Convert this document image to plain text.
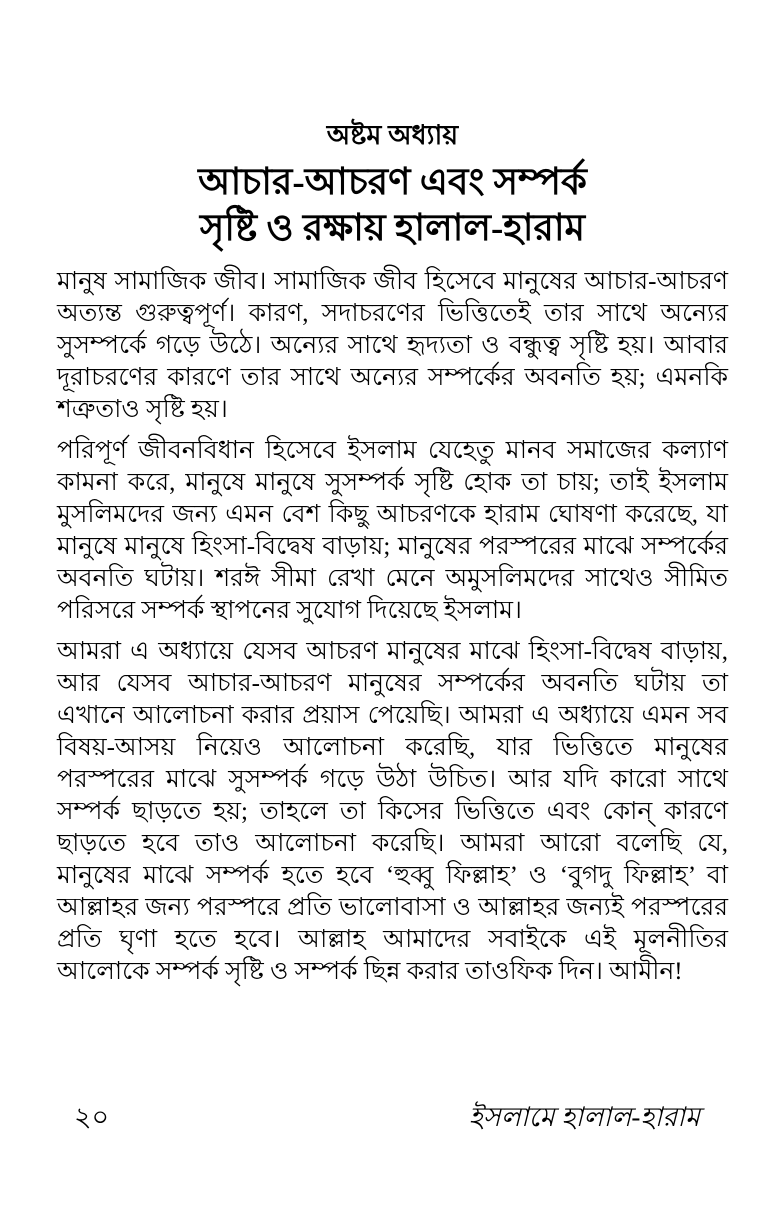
অষ্টম অধ্যায়
আচার-আচরণ এবং সম্পর্ক
সৃষ্টি ও রক্ষায় হালাল-হারাম

মানুষ সামাজিক জীব। সামাজিক জীব হিসেবে মানুষের আচার-আচরণ অত্যন্ত গুরুত্বপূর্ণ। কারণ, সদাচরণের ভিত্তিতেই তার সাথে অন্যের সুসম্পর্কে গড়ে উঠে। অন্যের সাথে হৃদ্যতা ও বন্ধুত্ব সৃষ্টি হয়। আবার দূরাচরণের কারণে তার সাথে অন্যের সম্পর্কের অবনতি হয়; এমনকি শত্রুতাও সৃষ্টি হয়।

পরিপূর্ণ জীবনবিধান হিসেবে ইসলাম যেহেতু মানব সমাজের কল্যাণ কামনা করে, মানুষে মানুষে সুসম্পর্ক সৃষ্টি হোক তা চায়; তাই ইসলাম মুসলিমদের জন্য এমন বেশ কিছু আচরণকে হারাম ঘোষণা করেছে, যা মানুষে মানুষে হিংসা-বিদ্বেষ বাড়ায়; মানুষের পরস্পরের মাঝে সম্পর্কের অবনতি ঘটায়। শরঈ সীমা রেখা মেনে অমুসলিমদের সাথেও সীমিত পরিসরে সম্পর্ক স্থাপনের সুযোগ দিয়েছে ইসলাম।

আমরা এ অধ্যায়ে যেসব আচরণ মানুষের মাঝে হিংসা-বিদ্বেষ বাড়ায়, আর যেসব আচার-আচরণ মানুষের সম্পর্কের অবনতি ঘটায় তা এখানে আলোচনা করার প্রয়াস পেয়েছি। আমরা এ অধ্যায়ে এমন সব বিষয়-আসয় নিয়েও আলোচনা করেছি, যার ভিত্তিতে মানুষের পরস্পরের মাঝে সুসম্পর্ক গড়ে উঠা উচিত। আর যদি কারো সাথে সম্পর্ক ছাড়তে হয়; তাহলে তা কিসের ভিত্তিতে এবং কোন্ কারণে ছাড়তে হবে তাও আলোচনা করেছি। আমরা আরো বলেছি যে, মানুষের মাঝে সম্পর্ক হতে হবে ‘হুব্বু ফিল্লাহ’ ও ‘বুগদু ফিল্লাহ’ বা আল্লাহর জন্য পরস্পরে প্রতি ভালোবাসা ও আল্লাহর জন্যই পরস্পরের প্রতি ঘৃণা হতে হবে। আল্লাহ আমাদের সবাইকে এই মূলনীতির আলোকে সম্পর্ক সৃষ্টি ও সম্পর্ক ছিন্ন করার তাওফিক দিন। আমীন!

২০	ইসলামে হালাল-হারাম
